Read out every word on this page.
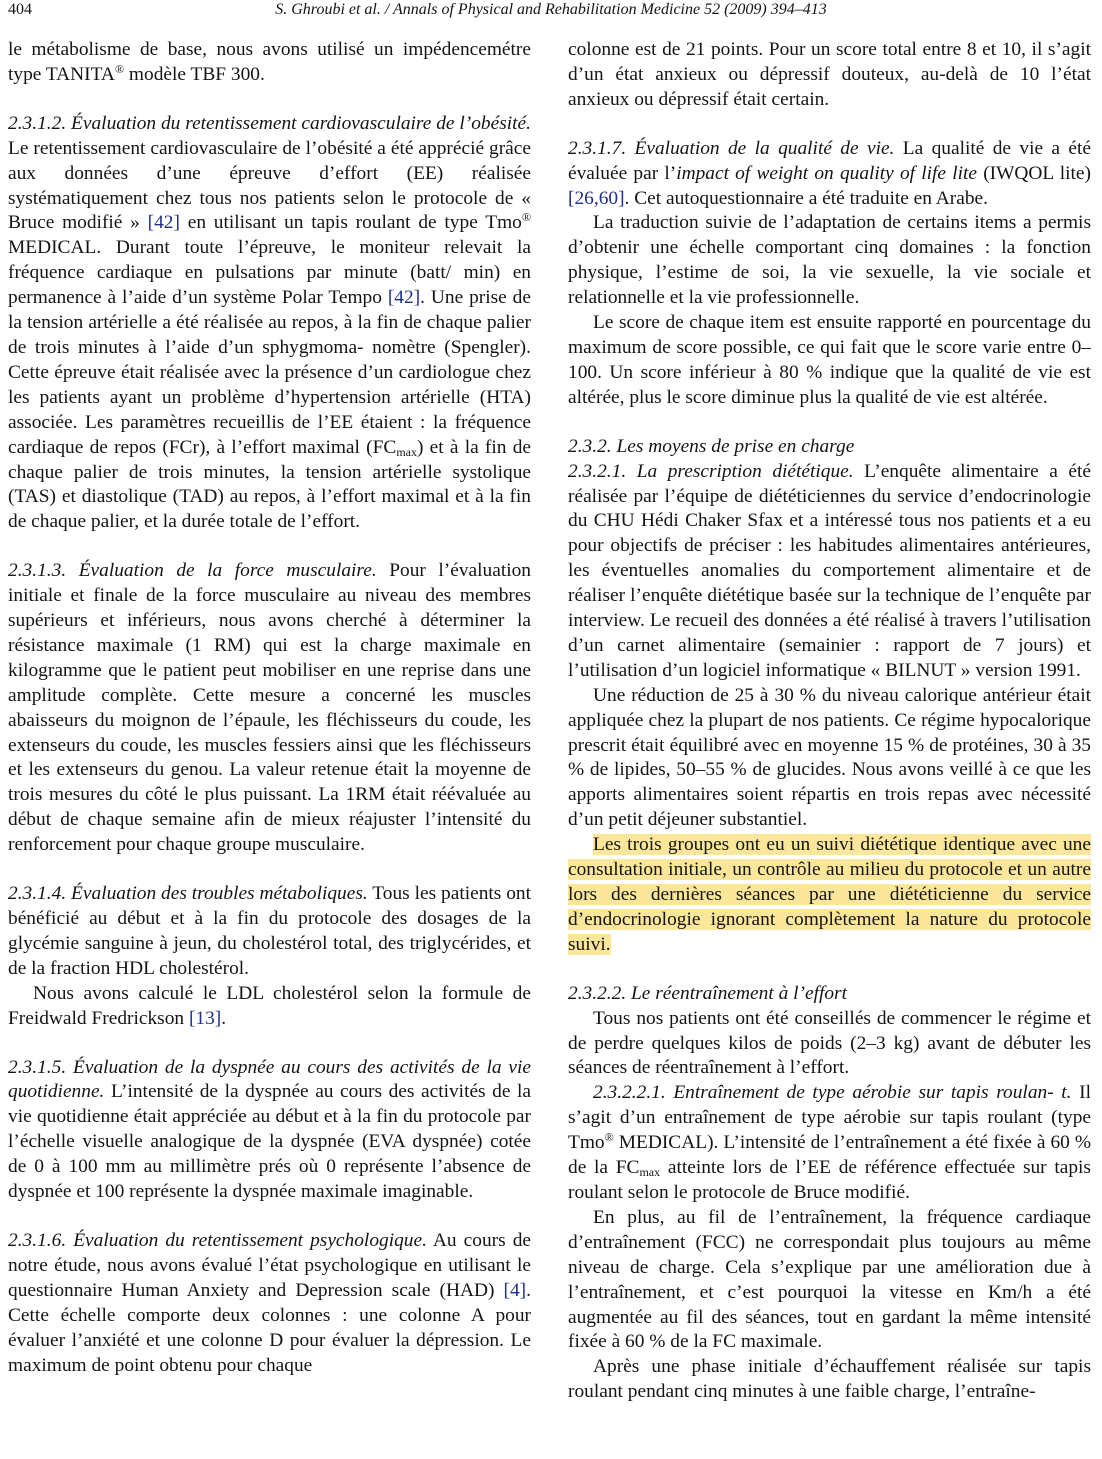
404	S. Ghroubi et al. / Annals of Physical and Rehabilitation Medicine 52 (2009) 394–413

le métabolisme de base, nous avons utilisé un impédencemétre type TANITA® modèle TBF 300.

2.3.1.2. Évaluation du retentissement cardiovasculaire de l’obésité. Le retentissement cardiovasculaire de l’obésité a été apprécié grâce aux données d’une épreuve d’effort (EE) réalisée systématiquement chez tous nos patients selon le protocole de « Bruce modifié » [42] en utilisant un tapis roulant de type Tmo® MEDICAL. Durant toute l’épreuve, le moniteur relevait la fréquence cardiaque en pulsations par minute (batt/ min) en permanence à l’aide d’un système Polar Tempo [42]. Une prise de la tension artérielle a été réalisée au repos, à la fin de chaque palier de trois minutes à l’aide d’un sphygmoma- nomètre (Spengler). Cette épreuve était réalisée avec la présence d’un cardiologue chez les patients ayant un problème d’hypertension artérielle (HTA) associée. Les paramètres recueillis de l’EE étaient : la fréquence cardiaque de repos (FCr), à l’effort maximal $(FC_{max})$ et à la fin de chaque palier de trois minutes, la tension artérielle systolique (TAS) et diastolique (TAD) au repos, à l’effort maximal et à la fin de chaque palier, et la durée totale de l’effort.

2.3.1.3. Évaluation de la force musculaire. Pour l’évaluation initiale et finale de la force musculaire au niveau des membres supérieurs et inférieurs, nous avons cherché à déterminer la résistance maximale (1 RM) qui est la charge maximale en kilogramme que le patient peut mobiliser en une reprise dans une amplitude complète. Cette mesure a concerné les muscles abaisseurs du moignon de l’épaule, les fléchisseurs du coude, les extenseurs du coude, les muscles fessiers ainsi que les fléchisseurs et les extenseurs du genou. La valeur retenue était la moyenne de trois mesures du côté le plus puissant. La 1RM était réévaluée au début de chaque semaine afin de mieux réajuster l’intensité du renforcement pour chaque groupe musculaire.

2.3.1.4. Évaluation des troubles métaboliques. Tous les patients ont bénéficié au début et à la fin du protocole des dosages de la glycémie sanguine à jeun, du cholestérol total, des triglycérides, et de la fraction HDL cholestérol.

Nous avons calculé le LDL cholestérol selon la formule de Freidwald Fredrickson [13].

2.3.1.5. Évaluation de la dyspnée au cours des activités de la vie quotidienne. L’intensité de la dyspnée au cours des activités de la vie quotidienne était appréciée au début et à la fin du protocole par l’échelle visuelle analogique de la dyspnée (EVA dyspnée) cotée de 0 à 100 mm au millimètre prés où 0 représente l’absence de dyspnée et 100 représente la dyspnée maximale imaginable.

2.3.1.6. Évaluation du retentissement psychologique. Au cours de notre étude, nous avons évalué l’état psychologique en utilisant le questionnaire Human Anxiety and Depression scale (HAD) [4]. Cette échelle comporte deux colonnes : une colonne A pour évaluer l’anxiété et une colonne D pour évaluer la dépression. Le maximum de point obtenu pour chaque

colonne est de 21 points. Pour un score total entre 8 et 10, il s’agit d’un état anxieux ou dépressif douteux, au-delà de 10 l’état anxieux ou dépressif était certain.

2.3.1.7. Évaluation de la qualité de vie. La qualité de vie a été évaluée par l’impact of weight on quality of life lite (IWQOL lite) [26,60]. Cet autoquestionnaire a été traduite en Arabe.

La traduction suivie de l’adaptation de certains items a permis d’obtenir une échelle comportant cinq domaines : la fonction physique, l’estime de soi, la vie sexuelle, la vie sociale et relationnelle et la vie professionnelle.

Le score de chaque item est ensuite rapporté en pourcentage du maximum de score possible, ce qui fait que le score varie entre 0–100. Un score inférieur à 80 % indique que la qualité de vie est altérée, plus le score diminue plus la qualité de vie est altérée.

2.3.2. Les moyens de prise en charge

2.3.2.1. La prescription diététique. L’enquête alimentaire a été réalisée par l’équipe de diététiciennes du service d’endocrinologie du CHU Hédi Chaker Sfax et a intéressé tous nos patients et a eu pour objectifs de préciser : les habitudes alimentaires antérieures, les éventuelles anomalies du comportement alimentaire et de réaliser l’enquête diététique basée sur la technique de l’enquête par interview. Le recueil des données a été réalisé à travers l’utilisation d’un carnet alimentaire (semainier : rapport de 7 jours) et l’utilisation d’un logiciel informatique « BILNUT » version 1991.

Une réduction de 25 à 30 % du niveau calorique antérieur était appliquée chez la plupart de nos patients. Ce régime hypocalorique prescrit était équilibré avec en moyenne 15 % de protéines, 30 à 35 % de lipides, 50–55 % de glucides. Nous avons veillé à ce que les apports alimentaires soient répartis en trois repas avec nécessité d’un petit déjeuner substantiel.

Les trois groupes ont eu un suivi diététique identique avec une consultation initiale, un contrôle au milieu du protocole et un autre lors des dernières séances par une diététicienne du service d’endocrinologie ignorant complètement la nature du protocole suivi.

2.3.2.2. Le réentraînement à l’effort

Tous nos patients ont été conseillés de commencer le régime et de perdre quelques kilos de poids (2–3 kg) avant de débuter les séances de réentraînement à l’effort.

2.3.2.2.1. Entraînement de type aérobie sur tapis roulan- t. Il s’agit d’un entraînement de type aérobie sur tapis roulant (type Tmo® MEDICAL). L’intensité de l’entraînement a été fixée à 60 % de la $FC_{max}$ atteinte lors de l’EE de référence effectuée sur tapis roulant selon le protocole de Bruce modifié.

En plus, au fil de l’entraînement, la fréquence cardiaque d’entraînement (FCC) ne correspondait plus toujours au même niveau de charge. Cela s’explique par une amélioration due à l’entraînement, et c’est pourquoi la vitesse en Km/h a été augmentée au fil des séances, tout en gardant la même intensité fixée à 60 % de la FC maximale.

Après une phase initiale d’échauffement réalisée sur tapis roulant pendant cinq minutes à une faible charge, l’entraîne-
